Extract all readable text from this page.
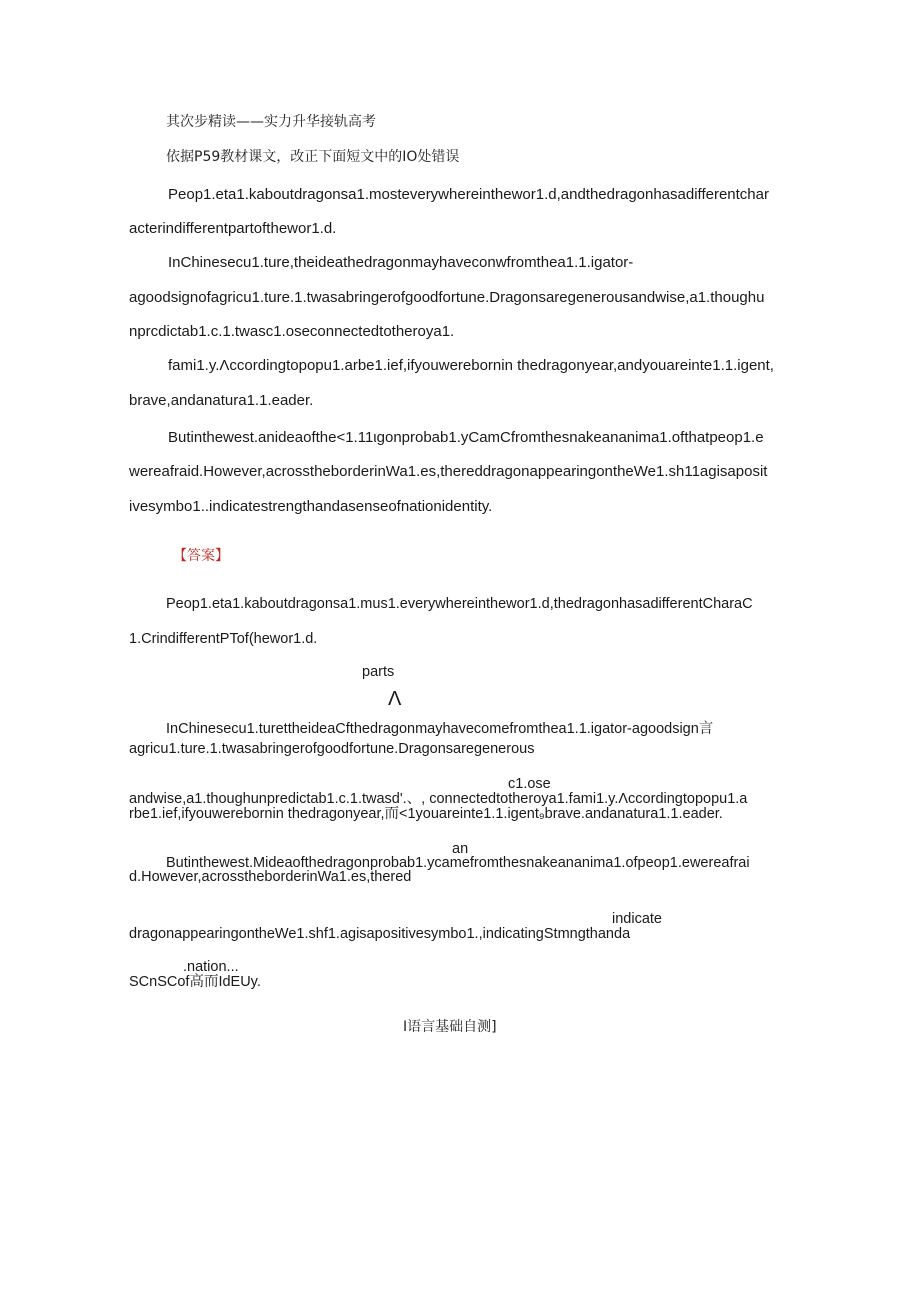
其次步精读——实力升华接轨高考
依据P59教材课文，改正下面短文中的IO处错误
Peop1.eta1.kaboutdragonsa1.mosteverywhereinthewor1.d,andthedragonhasadifferentchar
acterindifferentpartofthewor1.d.
InChinesecu1.ture,theideathedragonmayhaveconwfromthea1.1.igator-
agoodsignofagricu1.ture.1.twasabringerofgoodfortune.Dragonsaregenerousandwise,a1.thoughu
nprcdictab1.c.1.twasc1.oseconnectedtotheroya1.
fami1.y.Λccordingtopopu1.arbe1.ief,ifyouwerebornin thedragonyear,andyouareinte1.1.igent,
brave,andanatura1.1.eader.
Butinthewest.anideaofthe<1.11ιgonprobab1.yCamCfromthesnakeananima1.ofthatpeop1.e
wereafraid.However,acrosstheborderinWa1.es,thereddragonappearingontheWe1.sh11agisaposit
ivesymbo1..indicatestrengthandasenseofnationidentity.
【答案】
Peop1.eta1.kaboutdragonsa1.mus1.everywhereinthewor1.d,thedragonhasadifferentCharaC
1.CrindifferentPTof(hewor1.d.
parts
Λ
InChinesecu1.turettheideaCfthedragonmayhavecomefromthea1.1.igator-agoodsign言
agricu1.ture.1.twasabringerofgoodfortune.Dragonsaregenerous
c1.ose
andwise,a1.thoughunpredictab1.c.1.twasd'.、, connectedtotheroya1.fami1.y.Λccordingtopopu1.a
rbe1.ief,ifyouwerebornin thedragonyear,而<1youareinte1.1.igent₉brave.andanatura1.1.eader.
an
Butinthewest.Mideaofthedragonprobab1.ycamefromthesnakeananima1.ofpeop1.ewereafrai
d.However,acrosstheborderinWa1.es,thered
indicate
dragonappearingontheWe1.shf1.agisapositivesymbo1.,indicatingStmngthanda
.nation...
SCnSCof高而IdEUy.
I语言基础自测]
